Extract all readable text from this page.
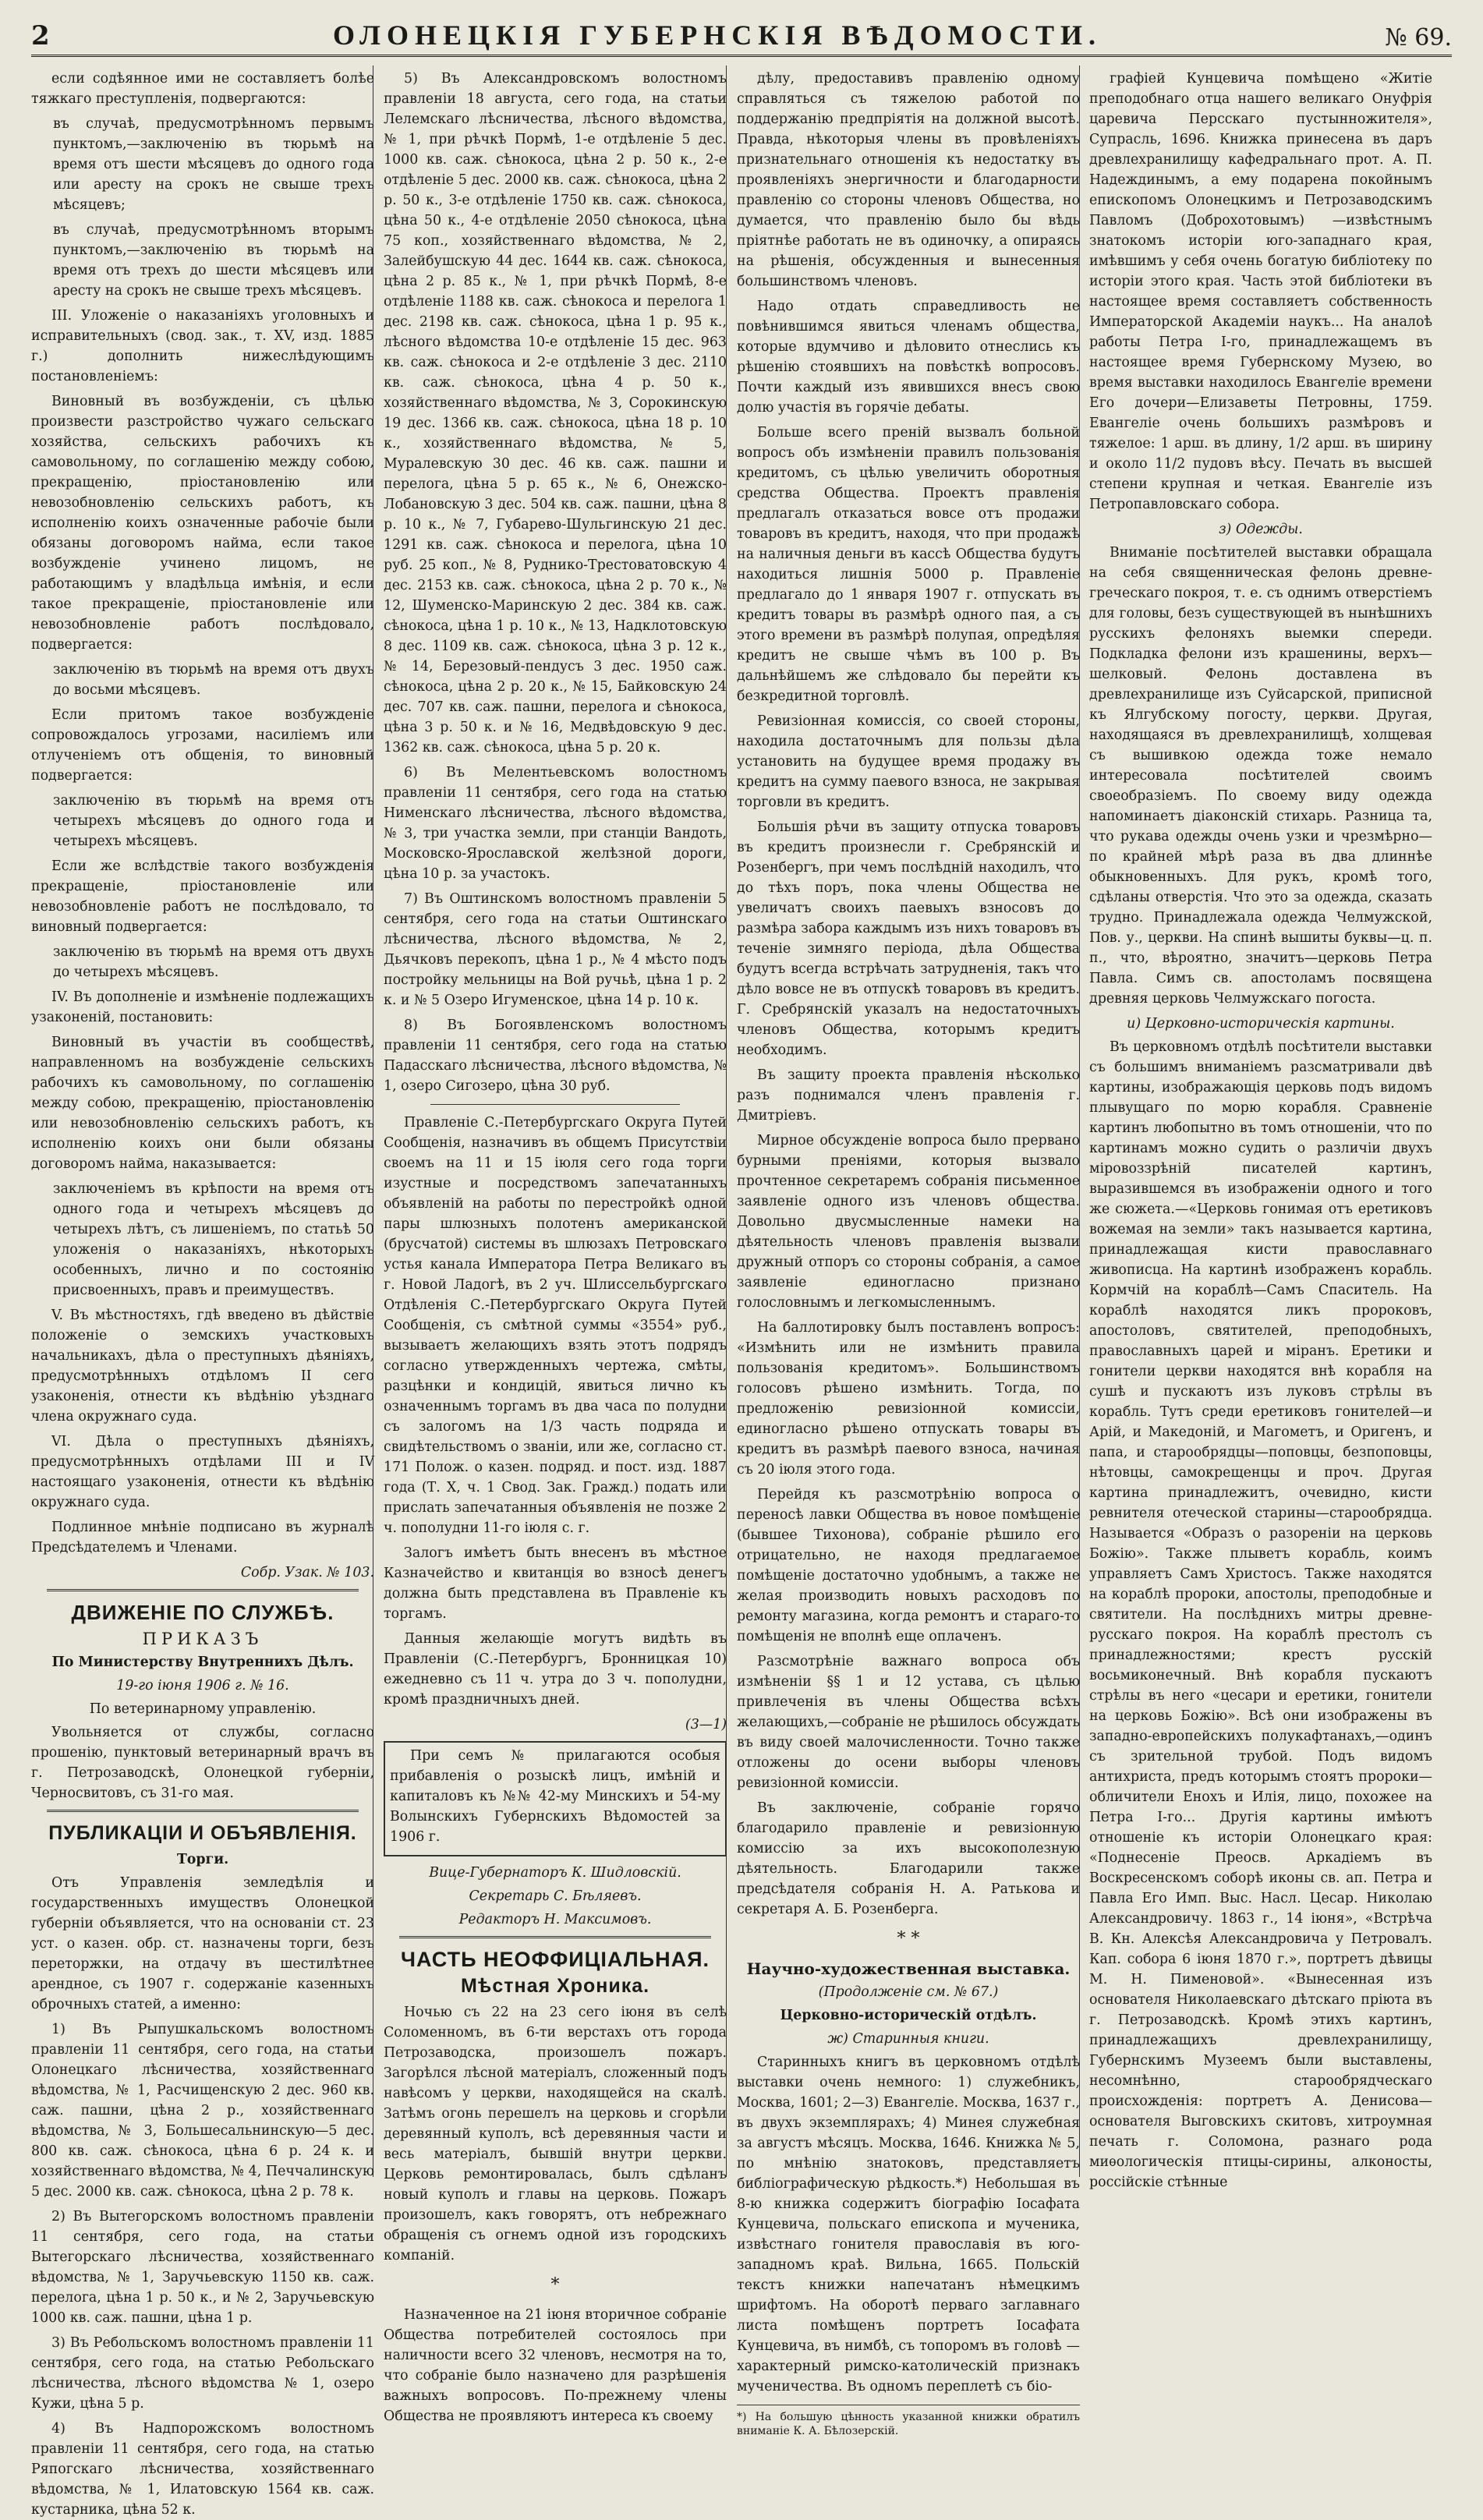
2	ОЛОНЕЦКІЯ ГУБЕРНСКІЯ ВѢДОМОСТИ.	№ 69.

если содѣянное ими не составляетъ болѣе тяжкаго преступленія, подвергаются:

въ случаѣ, предусмотрѣнномъ первымъ пунктомъ,—заключенію въ тюрьмѣ на время отъ шести мѣсяцевъ до одного года или аресту на срокъ не свыше трехъ мѣсяцевъ;

въ случаѣ, предусмотрѣнномъ вторымъ пунктомъ,—заключенію въ тюрьмѣ на время отъ трехъ до шести мѣсяцевъ или аресту на срокъ не свыше трехъ мѣсяцевъ.

III. Уложеніе о наказаніяхъ уголовныхъ и исправительныхъ (свод. зак., т. XV, изд. 1885 г.) дополнить нижеслѣдующимъ постановленіемъ:

Виновный въ возбужденіи, съ цѣлью произвести разстройство чужаго сельскаго хозяйства, сельскихъ рабочихъ къ самовольному, по соглашенію между собою, прекращенію, пріостановленію или невозобновленію сельскихъ работъ, къ исполненію коихъ означенные рабочіе были обязаны договоромъ найма, если такое возбужденіе учинено лицомъ, не работающимъ у владѣльца имѣнія, и если такое прекращеніе, пріостановленіе или невозобновленіе работъ послѣдовало, подвергается:

заключенію въ тюрьмѣ на время отъ двухъ до восьми мѣсяцевъ.

Если притомъ такое возбужденіе сопровождалось угрозами, насиліемъ или отлученіемъ отъ общенія, то виновный подвергается:

заключенію въ тюрьмѣ на время отъ четырехъ мѣсяцевъ до одного года и четырехъ мѣсяцевъ.

Если же вслѣдствіе такого возбужденія прекращеніе, пріостановленіе или невозобновленіе работъ не послѣдовало, то виновный подвергается:

заключенію въ тюрьмѣ на время отъ двухъ до четырехъ мѣсяцевъ.

IV. Въ дополненіе и измѣненіе подлежащихъ узаконеній, постановить:

Виновный въ участіи въ сообществѣ, направленномъ на возбужденіе сельскихъ рабочихъ къ самовольному, по соглашенію между собою, прекращенію, пріостановленію или невозобновленію сельскихъ работъ, къ исполненію коихъ они были обязаны договоромъ найма, наказывается:

заключеніемъ въ крѣпости на время отъ одного года и четырехъ мѣсяцевъ до четырехъ лѣтъ, съ лишеніемъ, по статьѣ 50 уложенія о наказаніяхъ, нѣкоторыхъ особенныхъ, лично и по состоянію присвоенныхъ, правъ и преимуществъ.

V. Въ мѣстностяхъ, гдѣ введено въ дѣйствіе положеніе о земскихъ участковыхъ начальникахъ, дѣла о преступныхъ дѣяніяхъ, предусмотрѣнныхъ отдѣломъ II сего узаконенія, отнести къ вѣдѣнію уѣзднаго члена окружнаго суда.

VI. Дѣла о преступныхъ дѣяніяхъ, предусмотрѣнныхъ отдѣлами III и IV настоящаго узаконенія, отнести къ вѣдѣнію окружнаго суда.

Подлинное мнѣніе подписано въ журналѣ Предсѣдателемъ и Членами.

Собр. Узак. № 103.

ДВИЖЕНІЕ ПО СЛУЖБѢ.

ПРИКАЗЪ

По Министерству Внутреннихъ Дѣлъ.

19-го іюня 1906 г. № 16.

По ветеринарному управленію.

Увольняется от службы, согласно прошенію, пунктовый ветеринарный врачъ въ г. Петрозаводскѣ, Олонецкой губерніи, Черносвитовъ, съ 31-го мая.

ПУБЛИКАЦІИ И ОБЪЯВЛЕНІЯ.

Торги.

Отъ Управленія земледѣлія и государственныхъ имуществъ Олонецкой губерніи объявляется, что на основаніи ст. 23 уст. о казен. обр. ст. назначены торги, безъ переторжки, на отдачу въ шестилѣтнее арендное, съ 1907 г. содержаніе казенныхъ оброчныхъ статей, а именно:

1) Въ Рыпушкальскомъ волостномъ правленіи 11 сентября, сего года, на статьи Олонецкаго лѣсничества, хозяйственнаго вѣдомства, № 1, Расчищенскую 2 дес. 960 кв. саж. пашни, цѣна 2 р., хозяйственнаго вѣдомства, № 3, Большесальнинскую—5 дес. 800 кв. саж. сѣнокоса, цѣна 6 р. 24 к. и хозяйственнаго вѣдомства, № 4, Печчалинскую 5 дес. 2000 кв. саж. сѣнокоса, цѣна 2 р. 78 к.

2) Въ Вытегорскомъ волостномъ правленіи 11 сентября, сего года, на статьи Вытегорскаго лѣсничества, хозяйственнаго вѣдомства, № 1, Заручьевскую 1150 кв. саж. перелога, цѣна 1 р. 50 к., и № 2, Заручьевскую 1000 кв. саж. пашни, цѣна 1 р.

3) Въ Ребольскомъ волостномъ правленіи 11 сентября, сего года, на статью Ребольскаго лѣсничества, лѣсного вѣдомства № 1, озеро Кужи, цѣна 5 р.

4) Въ Надпорожскомъ волостномъ правленіи 11 сентября, сего года, на статью Ряпогскаго лѣсничества, хозяйственнаго вѣдомства, № 1, Илатовскую 1564 кв. саж. кустарника, цѣна 52 к.

5) Въ Александровскомъ волостномъ правленіи 18 августа, сего года, на статьи Лелемскаго лѣсничества, лѣсного вѣдомства, № 1, при рѣчкѣ Пормѣ, 1-е отдѣленіе 5 дес. 1000 кв. саж. сѣнокоса, цѣна 2 р. 50 к., 2-е отдѣленіе 5 дес. 2000 кв. саж. сѣнокоса, цѣна 2 р. 50 к., 3-е отдѣленіе 1750 кв. саж. сѣнокоса, цѣна 50 к., 4-е отдѣленіе 2050 сѣнокоса, цѣна 75 коп., хозяйственнаго вѣдомства, № 2, Залейбушскую 44 дес. 1644 кв. саж. сѣнокоса, цѣна 2 р. 85 к., № 1, при рѣчкѣ Пормѣ, 8-е отдѣленіе 1188 кв. саж. сѣнокоса и перелога 1 дес. 2198 кв. саж. сѣнокоса, цѣна 1 р. 95 к., лѣсного вѣдомства 10-е отдѣленіе 15 дес. 963 кв. саж. сѣнокоса и 2-е отдѣленіе 3 дес. 2110 кв. саж. сѣнокоса, цѣна 4 р. 50 к., хозяйственнаго вѣдомства, № 3, Сорокинскую 19 дес. 1366 кв. саж. сѣнокоса, цѣна 18 р. 10 к., хозяйственнаго вѣдомства, № 5, Муралевскую 30 дес. 46 кв. саж. пашни и перелога, цѣна 5 р. 65 к., № 6, Онежско-Лобановскую 3 дес. 504 кв. саж. пашни, цѣна 8 р. 10 к., № 7, Губарево-Шульгинскую 21 дес. 1291 кв. саж. сѣнокоса и перелога, цѣна 10 руб. 25 коп., № 8, Руднико-Трестоватовскую 4 дес. 2153 кв. саж. сѣнокоса, цѣна 2 р. 70 к., № 12, Шуменско-Маринскую 2 дес. 384 кв. саж. сѣнокоса, цѣна 1 р. 10 к., № 13, Надклотовскую 8 дес. 1109 кв. саж. сѣнокоса, цѣна 3 р. 12 к., № 14, Березовый-пендусъ 3 дес. 1950 саж. сѣнокоса, цѣна 2 р. 20 к., № 15, Байковскую 24 дес. 707 кв. саж. пашни, перелога и сѣнокоса, цѣна 3 р. 50 к. и № 16, Медвѣдовскую 9 дес. 1362 кв. саж. сѣнокоса, цѣна 5 р. 20 к.

6) Въ Мелентьевскомъ волостномъ правленіи 11 сентября, сего года на статью Нименскаго лѣсничества, лѣсного вѣдомства, № 3, три участка земли, при станціи Вандоть, Московско-Ярославской желѣзной дороги, цѣна 10 р. за участокъ.

7) Въ Оштинскомъ волостномъ правленіи 5 сентября, сего года на статьи Оштинскаго лѣсничества, лѣсного вѣдомства, № 2, Дьячковъ перекопъ, цѣна 1 р., № 4 мѣсто подъ постройку мельницы на Вой ручьѣ, цѣна 1 р. 2 к. и № 5 Озеро Игуменское, цѣна 14 р. 10 к.

8) Въ Богоявленскомъ волостномъ правленіи 11 сентября, сего года на статью Падасскаго лѣсничества, лѣсного вѣдомства, № 1, озеро Сигозеро, цѣна 30 руб.

Правленіе С.-Петербургскаго Округа Путей Сообщенія, назначивъ въ общемъ Присутствіи своемъ на 11 и 15 іюля сего года торги изустные и посредствомъ запечатанныхъ объявленій на работы по перестройкѣ одной пары шлюзныхъ полотенъ американской (брусчатой) системы въ шлюзахъ Петровскаго устья канала Императора Петра Великаго въ г. Новой Ладогѣ, въ 2 уч. Шлиссельбургскаго Отдѣленія С.-Петербургскаго Округа Путей Сообщенія, съ смѣтной суммы «3554» руб., вызываетъ желающихъ взять этотъ подрядъ согласно утвержденныхъ чертежа, смѣты, разцѣнки и кондицій, явиться лично къ означеннымъ торгамъ въ два часа по полудни съ залогомъ на 1/3 часть подряда и свидѣтельствомъ о званіи, или же, согласно ст. 171 Полож. о казен. подряд. и пост. изд. 1887 года (Т. X, ч. 1 Свод. Зак. Гражд.) подать или прислать запечатанныя объявленія не позже 2 ч. пополудни 11-го іюля с. г.

Залогъ имѣетъ быть внесенъ въ мѣстное Казначейство и квитанція во взносѣ денегъ должна быть представлена въ Правленіе къ торгамъ.

Данныя желающіе могутъ видѣть въ Правленіи (С.-Петербургъ, Бронницкая 10) ежедневно съ 11 ч. утра до 3 ч. пополудни, кромѣ праздничныхъ дней.

(3—1)

При семъ № прилагаются особыя прибавленія о розыскѣ лицъ, имѣній и капиталовъ къ №№ 42-му Минскихъ и 54-му Волынскихъ Губернскихъ Вѣдомостей за 1906 г.

Вице-Губернаторъ К. Шидловскій.

Секретарь С. Бѣляевъ.

Редакторъ Н. Максимовъ.

ЧАСТЬ НЕОФФИЦІАЛЬНАЯ.
Мѣстная Хроника.

Ночью съ 22 на 23 сего іюня въ селѣ Соломенномъ, въ 6-ти верстахъ отъ города Петрозаводска, произошелъ пожаръ. Загорѣлся лѣсной матеріалъ, сложенный подъ навѣсомъ у церкви, находящейся на скалѣ. Затѣмъ огонь перешелъ на церковь и сгорѣли деревянный куполъ, всѣ деревянныя части и весь матеріалъ, бывшій внутри церкви. Церковь ремонтировалась, былъ сдѣланъ новый куполъ и главы на церковь. Пожаръ произошелъ, какъ говорятъ, отъ небрежнаго обращенія съ огнемъ одной изъ городскихъ компаній.

*

Назначенное на 21 іюня вторичное собраніе Общества потребителей состоялось при наличности всего 32 членовъ, несмотря на то, что собраніе было назначено для разрѣшенія важныхъ вопросовъ. По-прежнему члены Общества не проявляютъ интереса къ своему

дѣлу, предоставивъ правленію одному справляться съ тяжелою работой по поддержанію предпріятія на должной высотѣ. Правда, нѣкоторыя члены въ провѣленіяхъ признательнаго отношенія къ недостатку въ проявленіяхъ энергичности и благодарности правленію со стороны членовъ Общества, но думается, что правленію было бы вѣдь пріятнѣе работать не въ одиночку, а опираясь на рѣшенія, обсужденныя и вынесенныя большинствомъ членовъ.

Надо отдать справедливость не повѣнившимся явиться членамъ общества, которые вдумчиво и дѣловито отнеслись къ рѣшенію стоявшихъ на повѣсткѣ вопросовъ. Почти каждый изъ явившихся внесъ свою долю участія въ горячіе дебаты.

Больше всего преній вызвалъ больной вопросъ объ измѣненіи правилъ пользованія кредитомъ, съ цѣлью увеличить оборотныя средства Общества. Проектъ правленія предлагалъ отказаться вовсе отъ продажи товаровъ въ кредитъ, находя, что при продажѣ на наличныя деньги въ кассѣ Общества будутъ находиться лишнія 5000 р. Правленіе предлагало до 1 января 1907 г. отпускать въ кредитъ товары въ размѣрѣ одного пая, а съ этого времени въ размѣрѣ полупая, опредѣляя кредитъ не свыше чѣмъ въ 100 р. Въ дальнѣйшемъ же слѣдовало бы перейти къ безкредитной торговлѣ.

Ревизіонная комиссія, со своей стороны, находила достаточнымъ для пользы дѣла установить на будущее время продажу въ кредитъ на сумму паевого взноса, не закрывая торговли въ кредитъ.

Большія рѣчи въ защиту отпуска товаровъ въ кредитъ произнесли г. Сребрянскій и Розенбергъ, при чемъ послѣдній находилъ, что до тѣхъ поръ, пока члены Общества не увеличатъ своихъ паевыхъ взносовъ до размѣра забора каждымъ изъ нихъ товаровъ въ теченіе зимняго періода, дѣла Общества будутъ всегда встрѣчать затрудненія, такъ что дѣло вовсе не въ отпускѣ товаровъ въ кредитъ. Г. Сребрянскій указалъ на недостаточныхъ членовъ Общества, которымъ кредитъ необходимъ.

Въ защиту проекта правленія нѣсколько разъ поднимался членъ правленія г. Дмитріевъ.

Мирное обсужденіе вопроса было прервано бурными преніями, которыя вызвало прочтенное секретаремъ собранія письменное заявленіе одного изъ членовъ общества. Довольно двусмысленные намеки на дѣятельность членовъ правленія вызвали дружный отпоръ со стороны собранія, а самое заявленіе единогласно признано голословнымъ и легкомысленнымъ.

На баллотировку былъ поставленъ вопросъ: «Измѣнить или не измѣнить правила пользованія кредитомъ». Большинствомъ голосовъ рѣшено измѣнить. Тогда, по предложенію ревизіонной комиссіи, единогласно рѣшено отпускать товары въ кредитъ въ размѣрѣ паевого взноса, начиная съ 20 іюля этого года.

Перейдя къ разсмотрѣнію вопроса о переносѣ лавки Общества въ новое помѣщеніе (бывшее Тихонова), собраніе рѣшило его отрицательно, не находя предлагаемое помѣщеніе достаточно удобнымъ, а также не желая производить новыхъ расходовъ по ремонту магазина, когда ремонтъ и стараго-то помѣщенія не вполнѣ еще оплаченъ.

Разсмотрѣніе важнаго вопроса объ измѣненіи §§ 1 и 12 устава, съ цѣлью привлеченія въ члены Общества всѣхъ желающихъ,—собраніе не рѣшилось обсуждать въ виду своей малочисленности. Точно также отложены до осени выборы членовъ ревизіонной комиссіи.

Въ заключеніе, собраніе горячо благодарило правленіе и ревизіонную комиссію за ихъ высокополезную дѣятельность. Благодарили также предсѣдателя собранія Н. А. Ратькова и секретаря А. Б. Розенберга.

* *

Научно-художественная выставка.

(Продолженіе см. № 67.)

Церковно-историческій отдѣлъ.

ж) Старинныя книги.

Старинныхъ книгъ въ церковномъ отдѣлѣ выставки очень немного: 1) служебникъ, Москва, 1601; 2—3) Евангеліе. Москва, 1637 г., въ двухъ экземплярахъ; 4) Минея служебная за августъ мѣсяцъ. Москва, 1646. Книжка № 5, по мнѣнію знатоковъ, представляетъ библіографическую рѣдкость.*) Небольшая въ 8-ю книжка содержитъ біографію Іосафата Кунцевича, польскаго епископа и мученика, извѣстнаго гонителя православія въ юго-западномъ краѣ. Вильна, 1665. Польскій текстъ книжки напечатанъ нѣмецкимъ шрифтомъ. На оборотѣ перваго заглавнаго листа помѣщенъ портретъ Іосафата Кунцевича, въ нимбѣ, съ топоромъ въ головѣ —характерный римско-католическій признакъ мученичества. Въ одномъ переплетѣ съ біо-

*) На большую цѣнность указанной книжки обратилъ вниманіе К. А. Бѣлозерскій.

графіей Кунцевича помѣщено «Житіе преподобнаго отца нашего великаго Онуфрія царевича Персскаго пустынножителя», Супрасль, 1696. Книжка принесена въ даръ древлехранилищу кафедральнаго прот. А. П. Надеждинымъ, а ему подарена покойнымъ епископомъ Олонецкимъ и Петрозаводскимъ Павломъ (Доброхотовымъ) —извѣстнымъ знатокомъ исторіи юго-западнаго края, имѣвшимъ у себя очень богатую библіотеку по исторіи этого края. Часть этой библіотеки въ настоящее время составляетъ собственность Императорской Академіи наукъ... На аналоѣ работы Петра I-го, принадлежащемъ въ настоящее время Губернскому Музею, во время выставки находилось Евангеліе времени Его дочери—Елизаветы Петровны, 1759. Евангеліе очень большихъ размѣровъ и тяжелое: 1 арш. въ длину, 1/2 арш. въ ширину и около 11/2 пудовъ вѣсу. Печать въ высшей степени крупная и четкая. Евангеліе изъ Петропавловскаго собора.

з) Одежды.

Вниманіе посѣтителей выставки обращала на себя священническая фелонь древне-греческаго покроя, т. е. съ однимъ отверстіемъ для головы, безъ существующей въ нынѣшнихъ русскихъ фелоняхъ выемки спереди. Подкладка фелони изъ крашенины, верхъ—шелковый. Фелонь доставлена въ древлехранилище изъ Суйсарской, приписной къ Ялгубскому погосту, церкви. Другая, находящаяся въ древлехранилищѣ, холщевая съ вышивкою одежда тоже немало интересовала посѣтителей своимъ своеобразіемъ. По своему виду одежда напоминаетъ діаконскій стихарь. Разница та, что рукава одежды очень узки и чрезмѣрно—по крайней мѣрѣ раза въ два длиннѣе обыкновенныхъ. Для рукъ, кромѣ того, сдѣланы отверстія. Что это за одежда, сказать трудно. Принадлежала одежда Челмужской, Пов. у., церкви. На спинѣ вышиты буквы—ц. п. п., что, вѣроятно, значитъ—церковь Петра Павла. Симъ св. апостоламъ посвящена древняя церковь Челмужскаго погоста.

и) Церковно-историческія картины.

Въ церковномъ отдѣлѣ посѣтители выставки съ большимъ вниманіемъ разсматривали двѣ картины, изображающія церковь подъ видомъ плывущаго по морю корабля. Сравненіе картинъ любопытно въ томъ отношеніи, что по картинамъ можно судить о различіи двухъ міровоззрѣній писателей картинъ, выразившемся въ изображеніи одного и того же сюжета.—«Церковь гонимая отъ еретиковъ вожемая на земли» такъ называется картина, принадлежащая кисти православнаго живописца. На картинѣ изображенъ корабль. Кормчій на кораблѣ—Самъ Спаситель. На кораблѣ находятся ликъ пророковъ, апостоловъ, святителей, преподобныхъ, православныхъ царей и міранъ. Еретики и гонители церкви находятся внѣ корабля на сушѣ и пускаютъ изъ луковъ стрѣлы въ корабль. Тутъ среди еретиковъ гонителей—и Арій, и Македоній, и Магометъ, и Оригенъ, и папа, и старообрядцы—поповцы, безпоповцы, нѣтовцы, самокрещенцы и проч. Другая картина принадлежитъ, очевидно, кисти ревнителя отеческой старины—старообрядца. Называется «Образъ о разореніи на церковь Божію». Также плыветъ корабль, коимъ управляетъ Самъ Христосъ. Также находятся на кораблѣ пророки, апостолы, преподобные и святители. На послѣднихъ митры древне-русскаго покроя. На кораблѣ престолъ съ принадлежностями; крестъ русскій восьмиконечный. Внѣ корабля пускаютъ стрѣлы въ него «цесари и еретики, гонители на церковь Божію». Всѣ они изображены въ западно-европейскихъ полукафтанахъ,—одинъ съ зрительной трубой. Подъ видомъ антихриста, предъ которымъ стоятъ пророки—обличители Енохъ и Илія, лицо, похожее на Петра I-го... Другія картины имѣютъ отношеніе къ исторіи Олонецкаго края: «Поднесеніе Преосв. Аркадіемъ въ Воскресенскомъ соборѣ иконы св. ап. Петра и Павла Его Имп. Выс. Насл. Цесар. Николаю Александровичу. 1863 г., 14 іюня», «Встрѣча В. Кн. Алексѣя Александровича у Петровалъ. Кап. собора 6 іюня 1870 г.», портретъ дѣвицы М. Н. Пименовой». «Вынесенная изъ основателя Николаевскаго дѣтскаго пріюта въ г. Петрозаводскѣ. Кромѣ этихъ картинъ, принадлежащихъ древлехранилищу, Губернскимъ Музеемъ были выставлены, несомнѣнно, старообрядческаго происхожденія: портретъ А. Денисова—основателя Выговскихъ скитовъ, хитроумная печать г. Соломона, разнаго рода миѳологическія птицы-сирины, алконосты, россійскіе стѣнные
